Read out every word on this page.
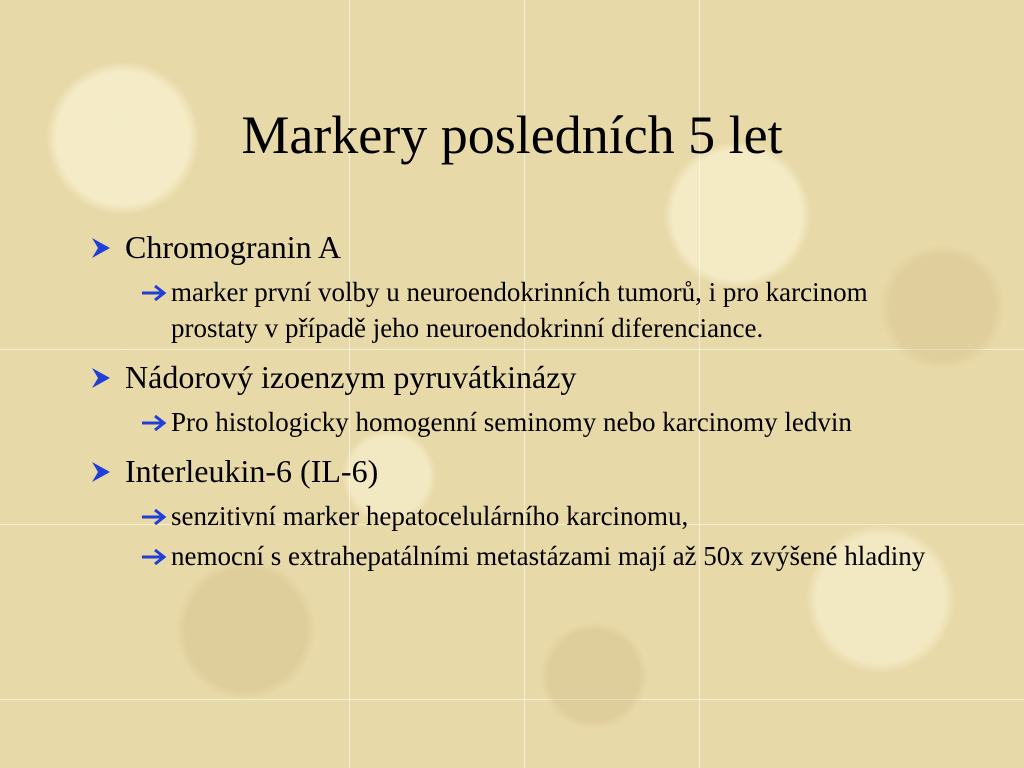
Markery posledních 5 let
Chromogranin A
marker první volby u neuroendokrinních tumorů, i pro karcinom prostaty v případě jeho neuroendokrinní diferenciance.
Nádorový izoenzym pyruvátkinázy
Pro histologicky homogenní seminomy nebo karcinomy ledvin
Interleukin-6 (IL-6)
senzitivní marker hepatocelulárního karcinomu,
nemocní s extrahepatálními metastázami mají až 50x zvýšené hladiny
